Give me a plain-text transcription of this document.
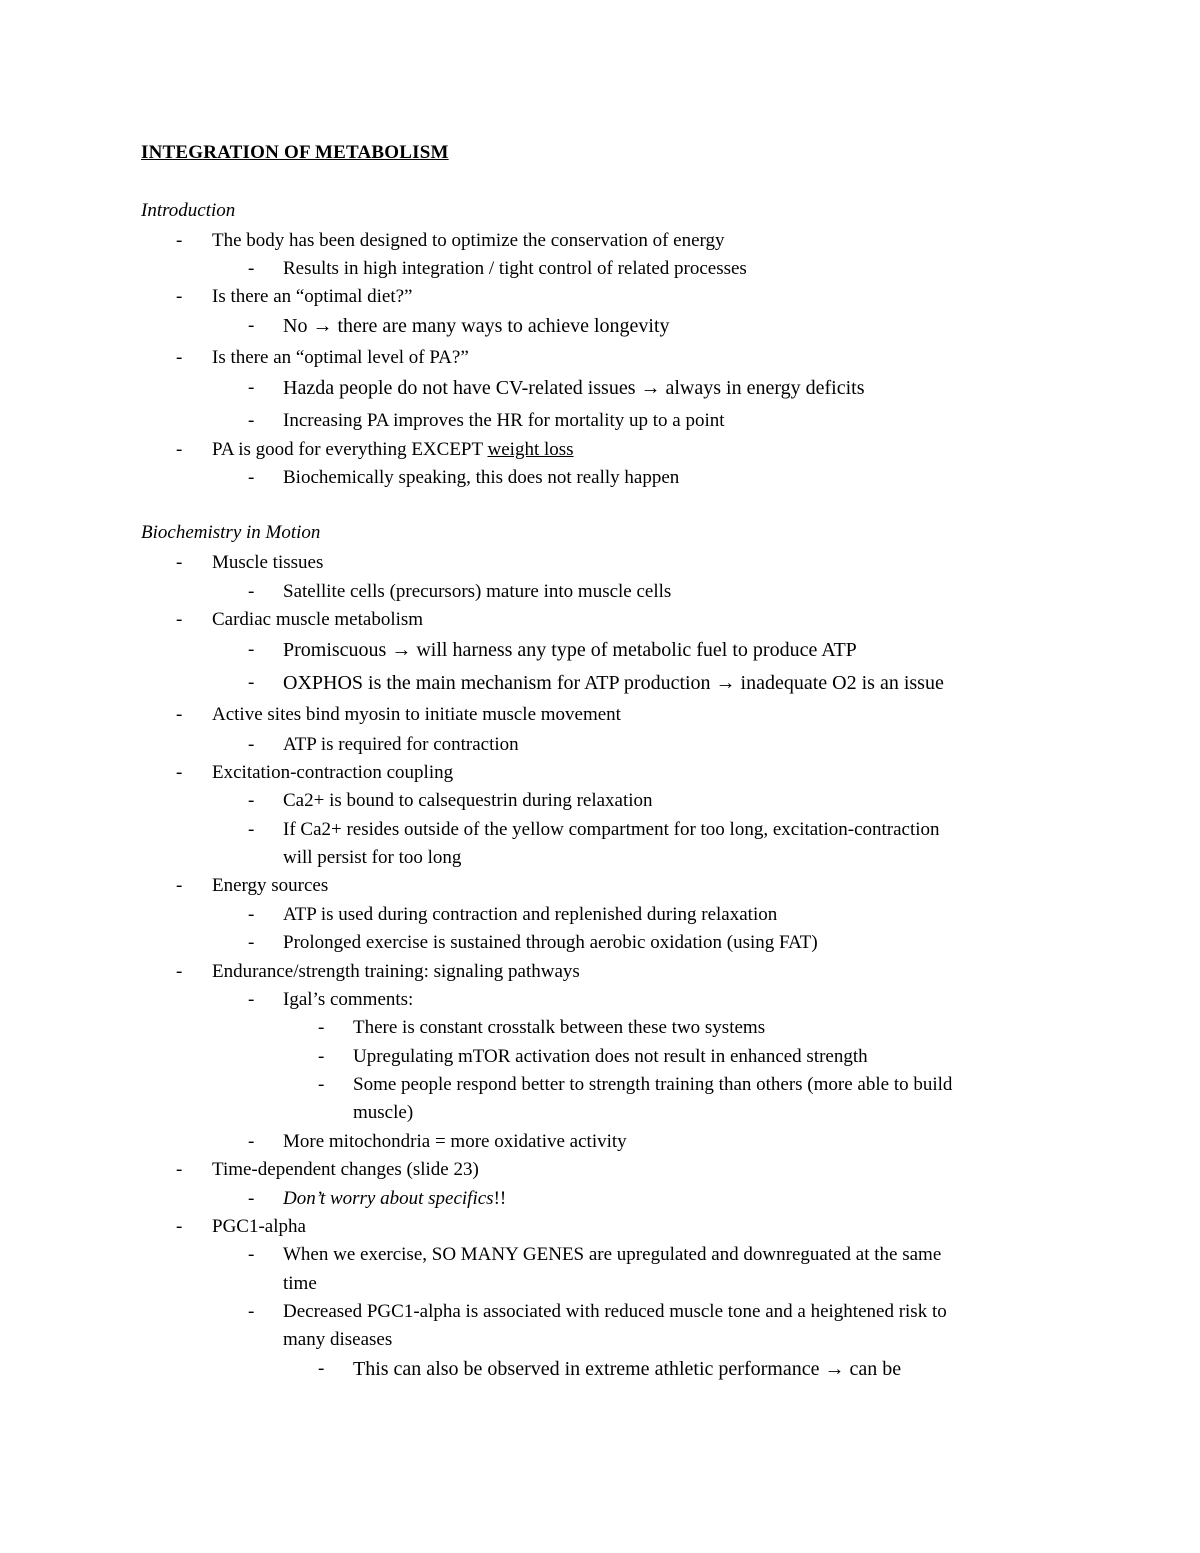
INTEGRATION OF METABOLISM
Introduction
- The body has been designed to optimize the conservation of energy
- Results in high integration / tight control of related processes
- Is there an “optimal diet?”
- No → there are many ways to achieve longevity
- Is there an “optimal level of PA?”
- Hazda people do not have CV-related issues → always in energy deficits
- Increasing PA improves the HR for mortality up to a point
- PA is good for everything EXCEPT weight loss
- Biochemically speaking, this does not really happen
Biochemistry in Motion
- Muscle tissues
- Satellite cells (precursors) mature into muscle cells
- Cardiac muscle metabolism
- Promiscuous → will harness any type of metabolic fuel to produce ATP
- OXPHOS is the main mechanism for ATP production → inadequate O2 is an issue
- Active sites bind myosin to initiate muscle movement
- ATP is required for contraction
- Excitation-contraction coupling
- Ca2+ is bound to calsequestrin during relaxation
- If Ca2+ resides outside of the yellow compartment for too long, excitation-contraction
will persist for too long
- Energy sources
- ATP is used during contraction and replenished during relaxation
- Prolonged exercise is sustained through aerobic oxidation (using FAT)
- Endurance/strength training: signaling pathways
- Igal’s comments:
- There is constant crosstalk between these two systems
- Upregulating mTOR activation does not result in enhanced strength
- Some people respond better to strength training than others (more able to build
muscle)
- More mitochondria = more oxidative activity
- Time-dependent changes (slide 23)
- Don’t worry about specifics!!
- PGC1-alpha
- When we exercise, SO MANY GENES are upregulated and downreguated at the same
time
- Decreased PGC1-alpha is associated with reduced muscle tone and a heightened risk to
many diseases
- This can also be observed in extreme athletic performance → can be
